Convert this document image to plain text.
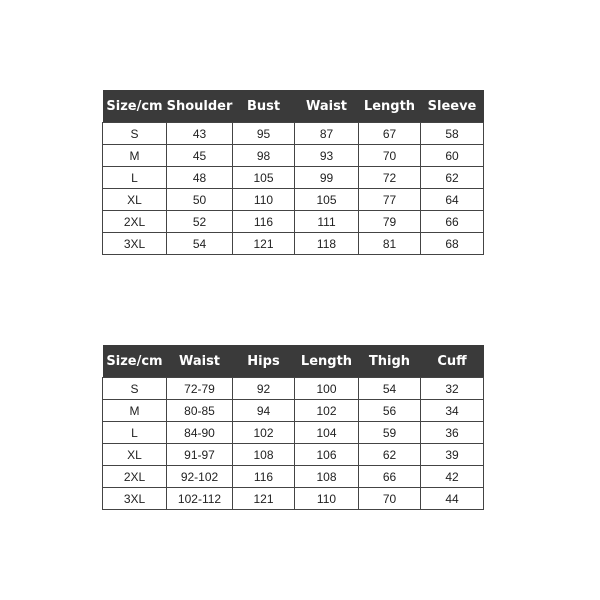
Size/cm	Shoulder	Bust	Waist	Length	Sleeve
S	43	95	87	67	58
M	45	98	93	70	60
L	48	105	99	72	62
XL	50	110	105	77	64
2XL	52	116	111	79	66
3XL	54	121	118	81	68
Size/cm	Waist	Hips	Length	Thigh	Cuff
S	72-79	92	100	54	32
M	80-85	94	102	56	34
L	84-90	102	104	59	36
XL	91-97	108	106	62	39
2XL	92-102	116	108	66	42
3XL	102-112	121	110	70	44
